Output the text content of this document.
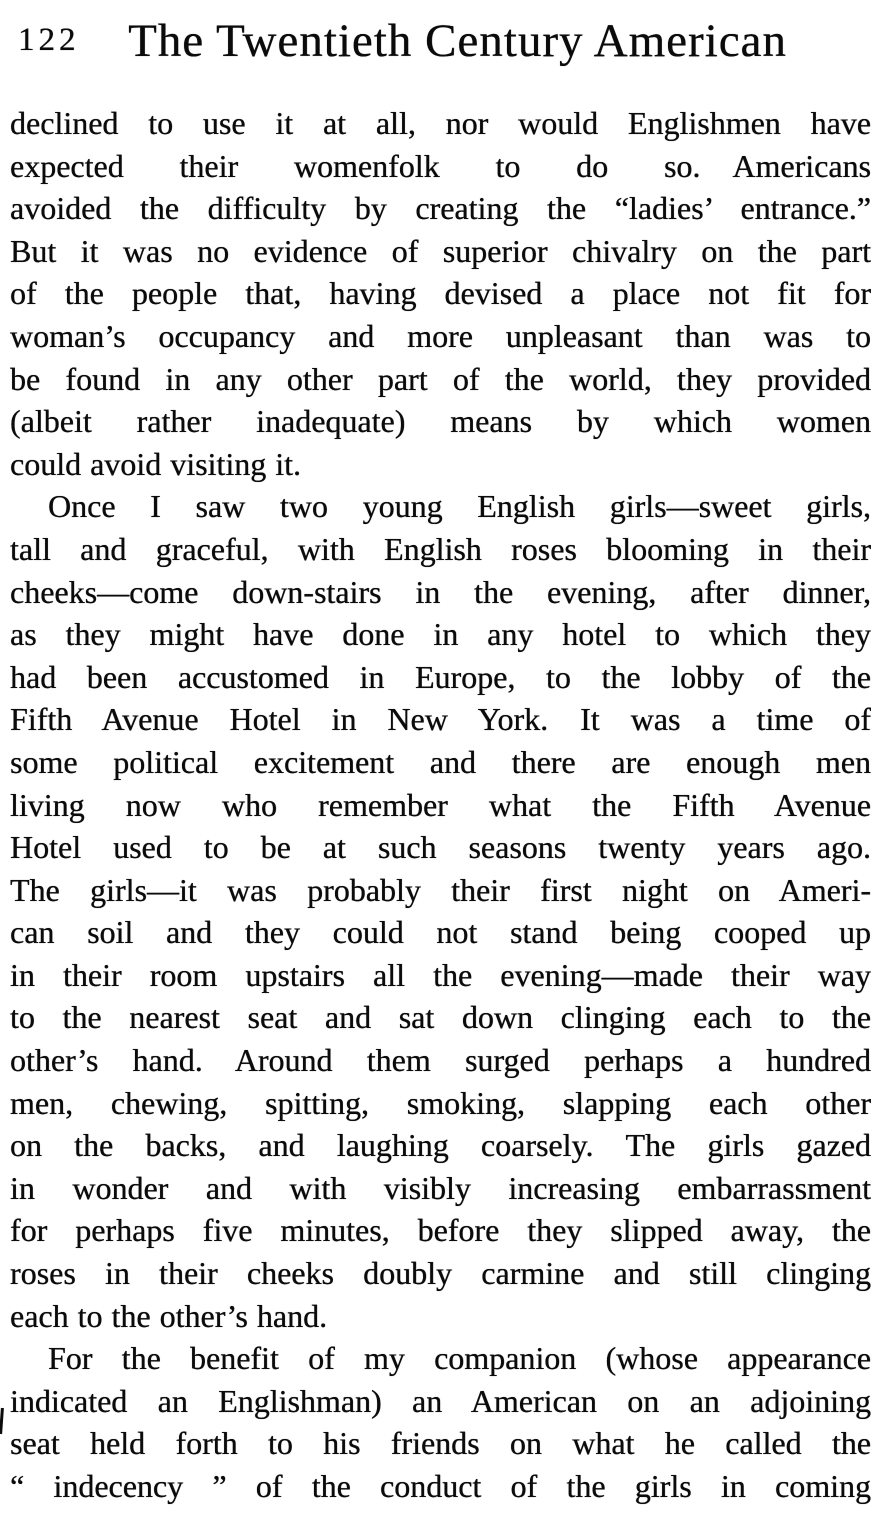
122	The Twentieth Century American
declined to use it at all, nor would Englishmen have
expected their womenfolk to do so. Americans
avoided the difficulty by creating the “ladies’ entrance.”
But it was no evidence of superior chivalry on the part
of the people that, having devised a place not fit for
woman’s occupancy and more unpleasant than was to
be found in any other part of the world, they provided
(albeit rather inadequate) means by which women
could avoid visiting it.
Once I saw two young English girls—sweet girls,
tall and graceful, with English roses blooming in their
cheeks—come down-stairs in the evening, after dinner,
as they might have done in any hotel to which they
had been accustomed in Europe, to the lobby of the
Fifth Avenue Hotel in New York. It was a time of
some political excitement and there are enough men
living now who remember what the Fifth Avenue
Hotel used to be at such seasons twenty years ago.
The girls—it was probably their first night on Ameri-
can soil and they could not stand being cooped up
in their room upstairs all the evening—made their way
to the nearest seat and sat down clinging each to the
other’s hand. Around them surged perhaps a hundred
men, chewing, spitting, smoking, slapping each other
on the backs, and laughing coarsely. The girls gazed
in wonder and with visibly increasing embarrassment
for perhaps five minutes, before they slipped away, the
roses in their cheeks doubly carmine and still clinging
each to the other’s hand.
For the benefit of my companion (whose appearance
indicated an Englishman) an American on an adjoining
seat held forth to his friends on what he called the
“ indecency ” of the conduct of the girls in coming
